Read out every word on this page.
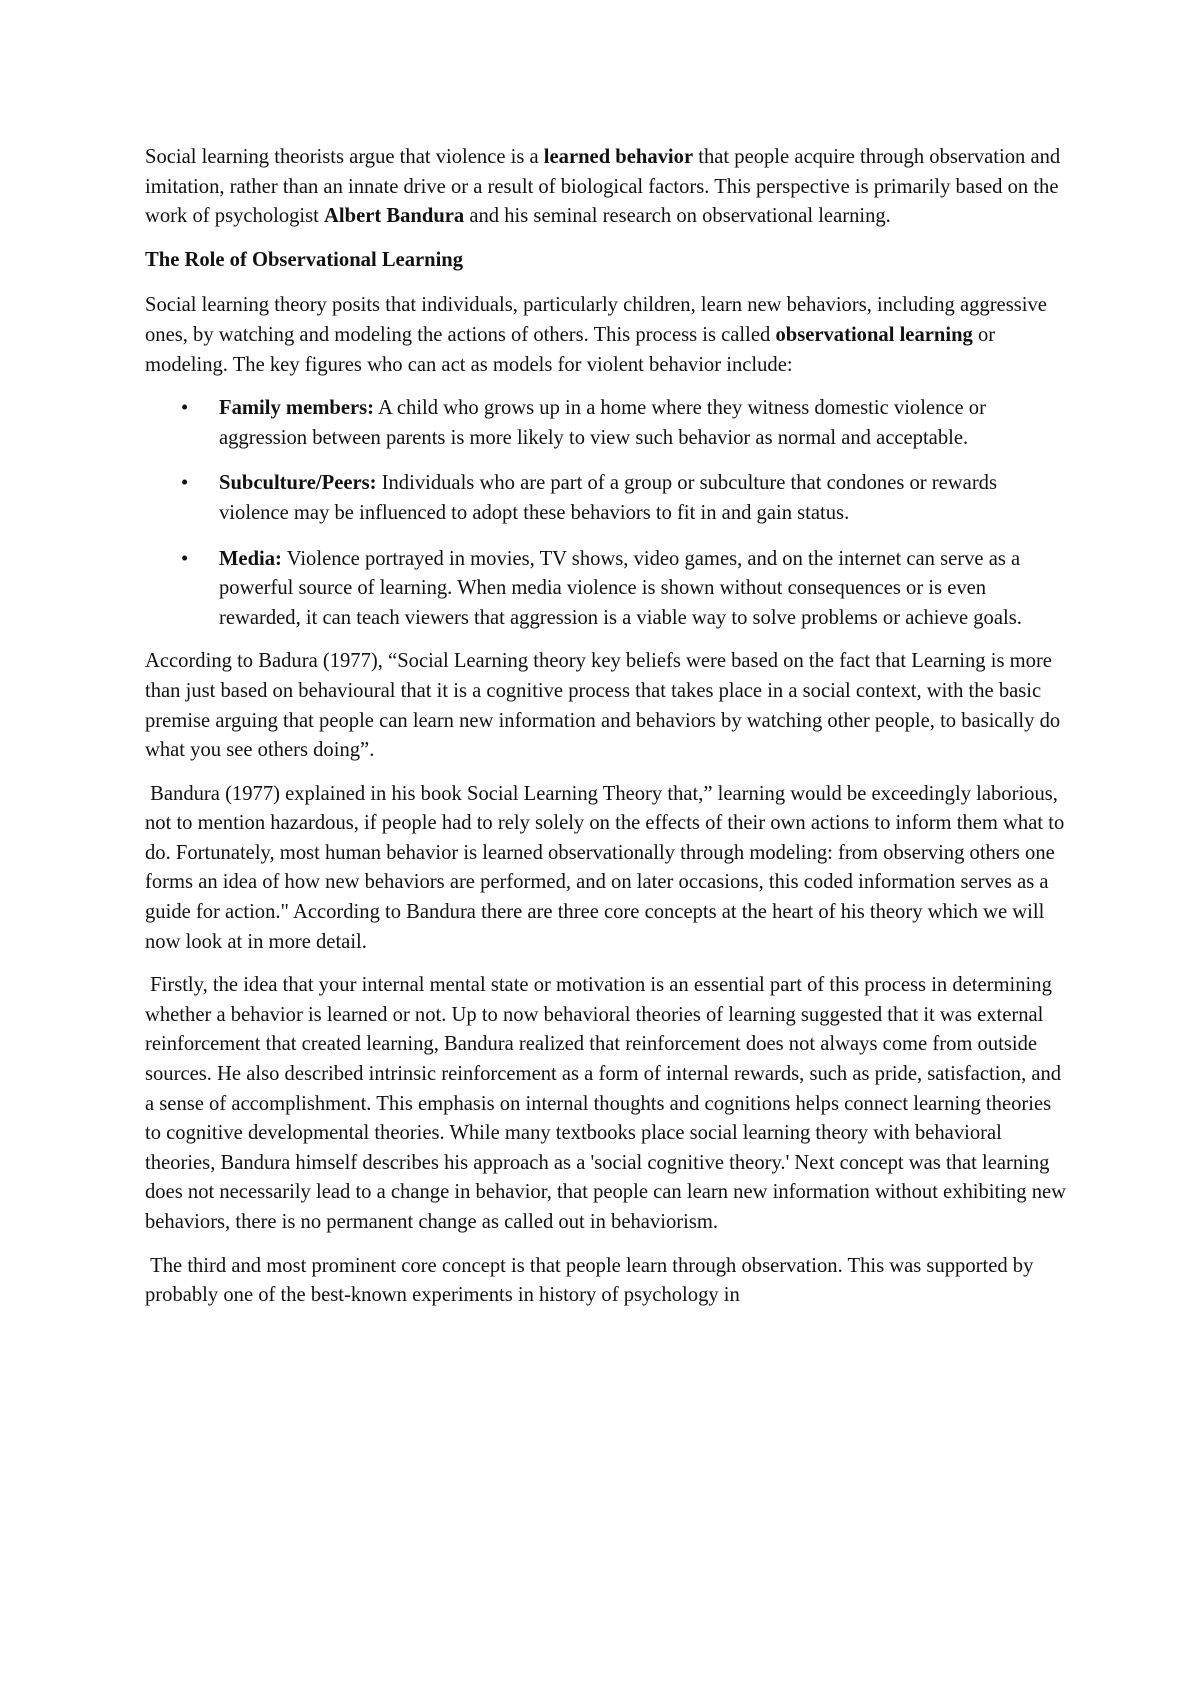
Social learning theorists argue that violence is a learned behavior that people acquire through observation and imitation, rather than an innate drive or a result of biological factors. This perspective is primarily based on the work of psychologist Albert Bandura and his seminal research on observational learning.

The Role of Observational Learning

Social learning theory posits that individuals, particularly children, learn new behaviors, including aggressive ones, by watching and modeling the actions of others. This process is called observational learning or modeling. The key figures who can act as models for violent behavior include:

• Family members: A child who grows up in a home where they witness domestic violence or aggression between parents is more likely to view such behavior as normal and acceptable.
• Subculture/Peers: Individuals who are part of a group or subculture that condones or rewards violence may be influenced to adopt these behaviors to fit in and gain status.
• Media: Violence portrayed in movies, TV shows, video games, and on the internet can serve as a powerful source of learning. When media violence is shown without consequences or is even rewarded, it can teach viewers that aggression is a viable way to solve problems or achieve goals.

According to Badura (1977), “Social Learning theory key beliefs were based on the fact that Learning is more than just based on behavioural that it is a cognitive process that takes place in a social context, with the basic premise arguing that people can learn new information and behaviors by watching other people, to basically do what you see others doing”.

Bandura (1977) explained in his book Social Learning Theory that,” learning would be exceedingly laborious, not to mention hazardous, if people had to rely solely on the effects of their own actions to inform them what to do. Fortunately, most human behavior is learned observationally through modeling: from observing others one forms an idea of how new behaviors are performed, and on later occasions, this coded information serves as a guide for action." According to Bandura there are three core concepts at the heart of his theory which we will now look at in more detail.

Firstly, the idea that your internal mental state or motivation is an essential part of this process in determining whether a behavior is learned or not. Up to now behavioral theories of learning suggested that it was external reinforcement that created learning, Bandura realized that reinforcement does not always come from outside sources. He also described intrinsic reinforcement as a form of internal rewards, such as pride, satisfaction, and a sense of accomplishment. This emphasis on internal thoughts and cognitions helps connect learning theories to cognitive developmental theories. While many textbooks place social learning theory with behavioral theories, Bandura himself describes his approach as a 'social cognitive theory.' Next concept was that learning does not necessarily lead to a change in behavior, that people can learn new information without exhibiting new behaviors, there is no permanent change as called out in behaviorism.

The third and most prominent core concept is that people learn through observation. This was supported by probably one of the best-known experiments in history of psychology in
